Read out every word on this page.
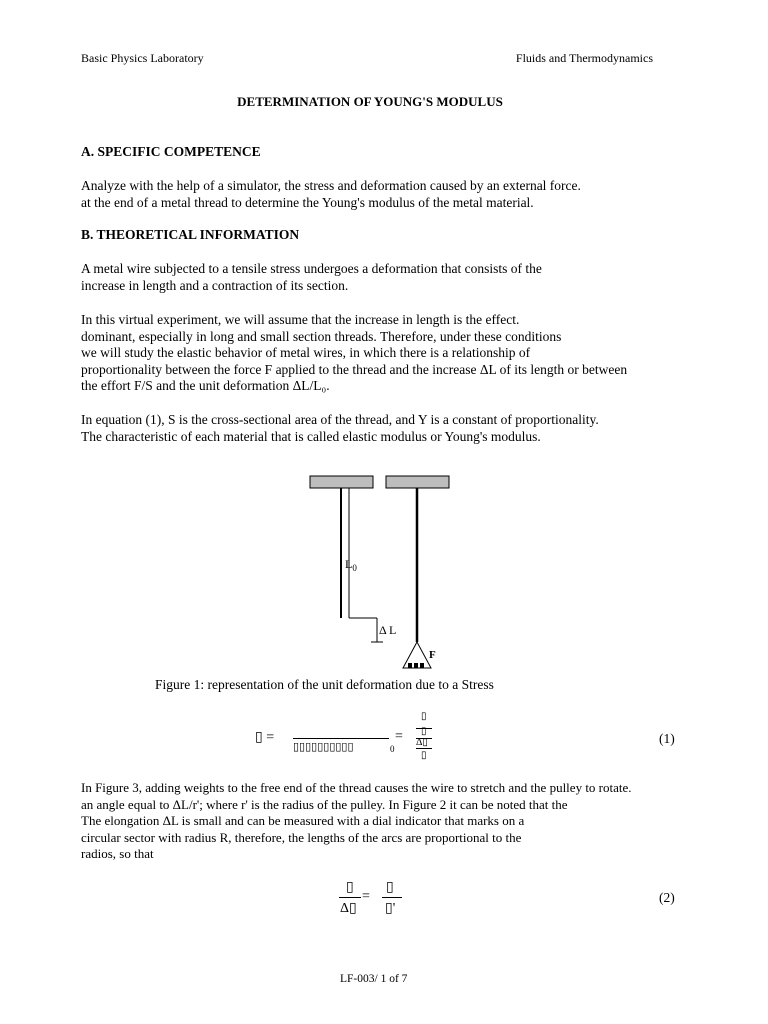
Basic Physics Laboratory	Fluids and Thermodynamics
DETERMINATION OF YOUNG'S MODULUS
A. SPECIFIC COMPETENCE
Analyze with the help of a simulator, the stress and deformation caused by an external force.
at the end of a metal thread to determine the Young's modulus of the metal material.
B. THEORETICAL INFORMATION
A metal wire subjected to a tensile stress undergoes a deformation that consists of the
increase in length and a contraction of its section.
In this virtual experiment, we will assume that the increase in length is the effect.
dominant, especially in long and small section threads. Therefore, under these conditions
we will study the elastic behavior of metal wires, in which there is a relationship of
proportionality between the force F applied to the thread and the increase ΔL of its length or between
the effort F/S and the unit deformation ΔL/L₀.
In equation (1), S is the cross-sectional area of the thread, and Y is a constant of proportionality.
The characteristic of each material that is called elastic modulus or Young's modulus.
$L_0$
Δ L
F
Figure 1: representation of the unit deformation due to a Stress
▯ =
▯▯▯▯▯▯▯▯▯▯	0
=
▯
▯
Δ▯
▯
(1)
In Figure 3, adding weights to the free end of the thread causes the wire to stretch and the pulley to rotate.
an angle equal to ΔL/r'; where r' is the radius of the pulley. In Figure 2 it can be noted that the
The elongation ΔL is small and can be measured with a dial indicator that marks on a
circular sector with radius R, therefore, the lengths of the arcs are proportional to the
radios, so that
▯
Δ▯
=
▯
▯'
(2)
LF-003/ 1 of 7
